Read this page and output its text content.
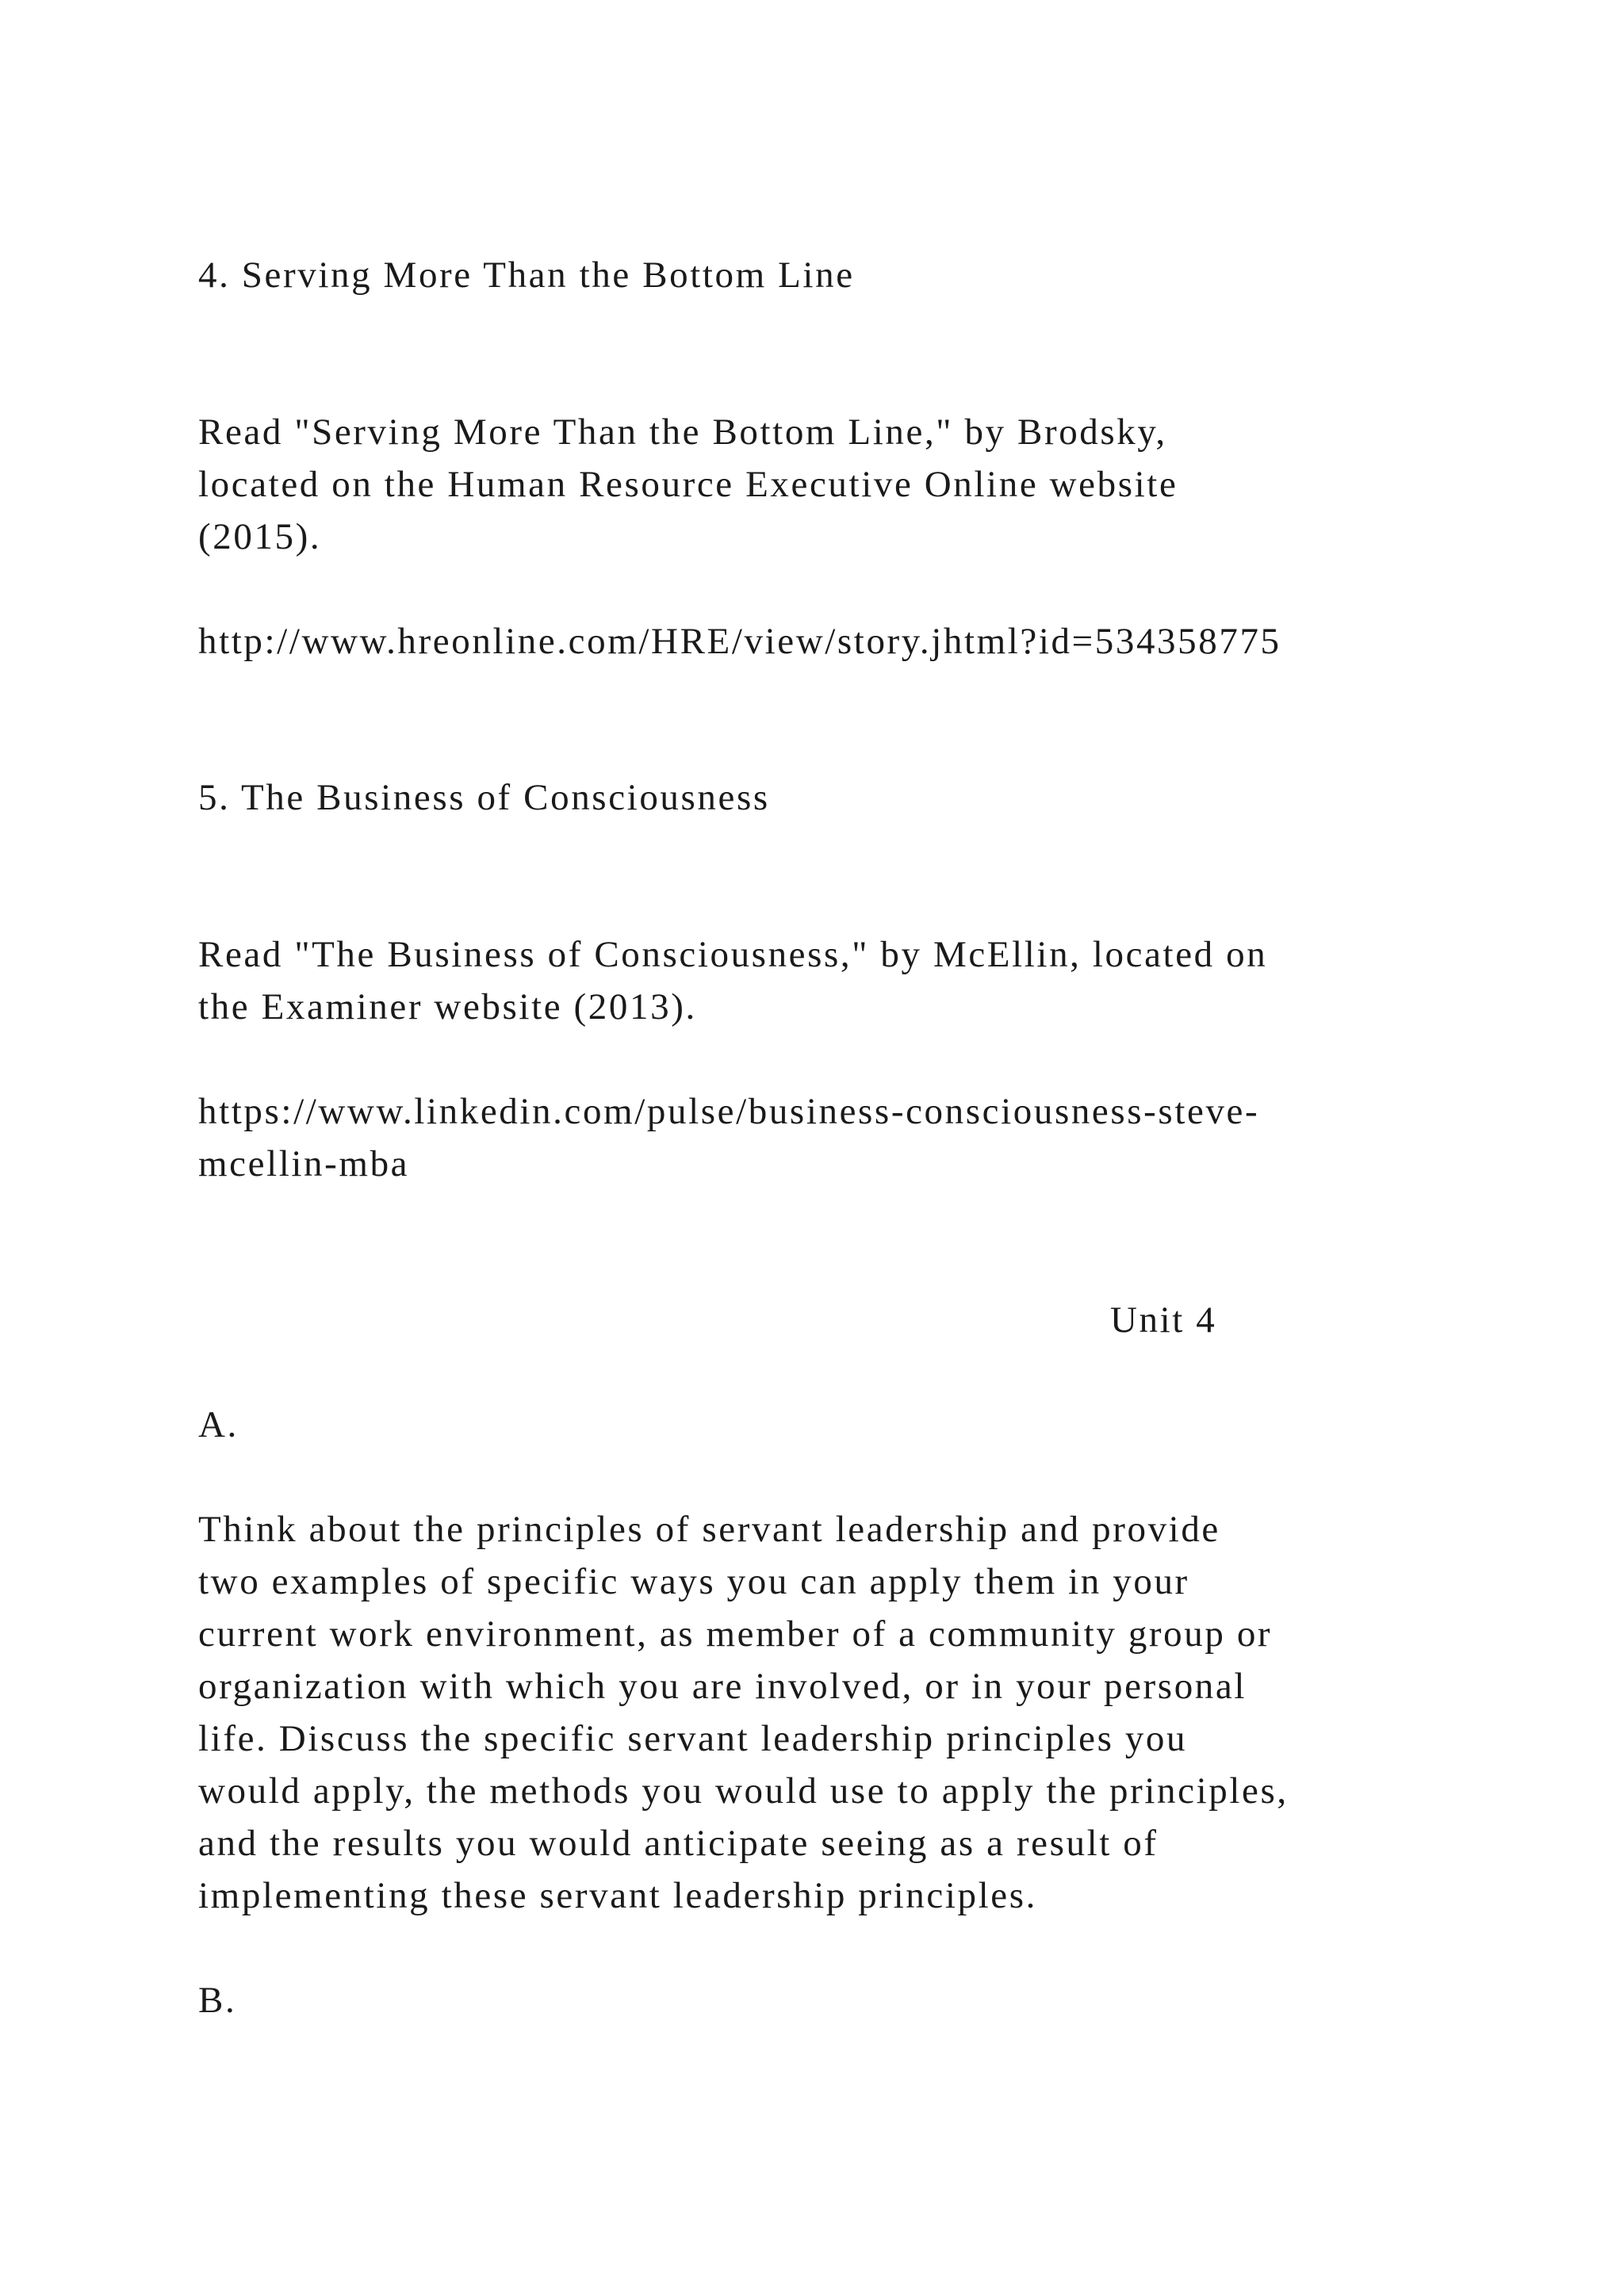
4. Serving More Than the Bottom Line
Read "Serving More Than the Bottom Line," by Brodsky,
located on the Human Resource Executive Online website
(2015).
http://www.hreonline.com/HRE/view/story.jhtml?id=534358775
5. The Business of Consciousness
Read "The Business of Consciousness," by McEllin, located on
the Examiner website (2013).
https://www.linkedin.com/pulse/business-consciousness-steve-
mcellin-mba
Unit 4
A.
Think about the principles of servant leadership and provide
two examples of specific ways you can apply them in your
current work environment, as member of a community group or
organization with which you are involved, or in your personal
life. Discuss the specific servant leadership principles you
would apply, the methods you would use to apply the principles,
and the results you would anticipate seeing as a result of
implementing these servant leadership principles.
B.
